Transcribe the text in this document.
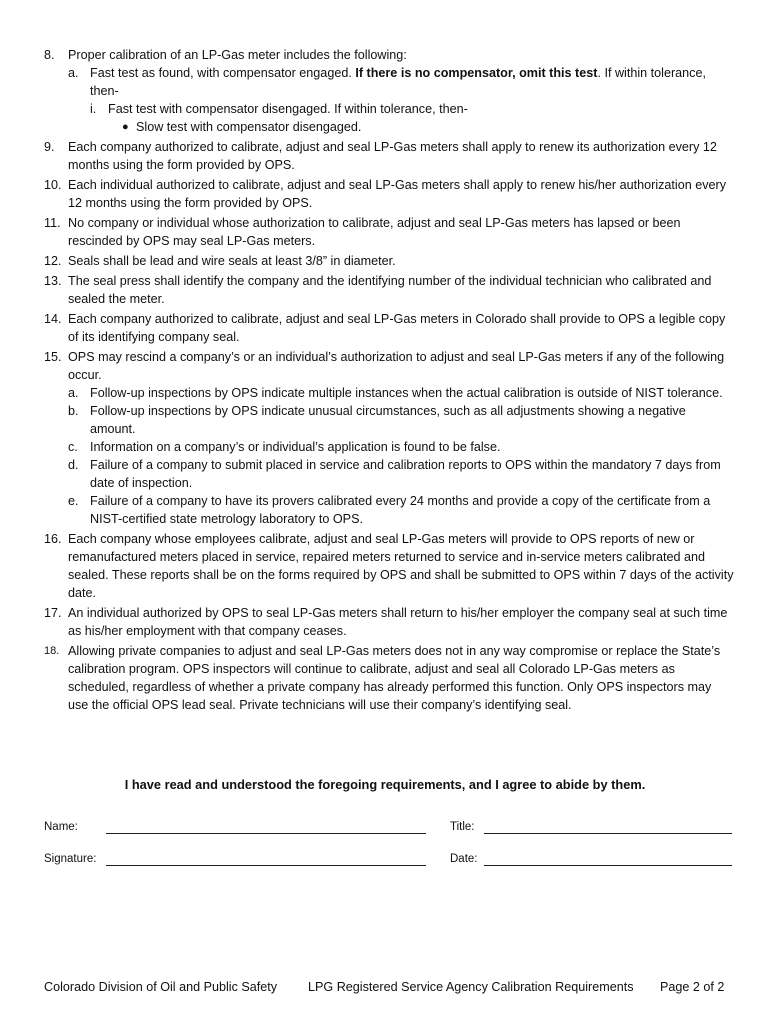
8. Proper calibration of an LP-Gas meter includes the following:
a. Fast test as found, with compensator engaged. If there is no compensator, omit this test. If within tolerance, then-
i. Fast test with compensator disengaged. If within tolerance, then-
● Slow test with compensator disengaged.
9. Each company authorized to calibrate, adjust and seal LP-Gas meters shall apply to renew its authorization every 12 months using the form provided by OPS.
10. Each individual authorized to calibrate, adjust and seal LP-Gas meters shall apply to renew his/her authorization every 12 months using the form provided by OPS.
11. No company or individual whose authorization to calibrate, adjust and seal LP-Gas meters has lapsed or been rescinded by OPS may seal LP-Gas meters.
12. Seals shall be lead and wire seals at least 3/8” in diameter.
13. The seal press shall identify the company and the identifying number of the individual technician who calibrated and sealed the meter.
14. Each company authorized to calibrate, adjust and seal LP-Gas meters in Colorado shall provide to OPS a legible copy of its identifying company seal.
15. OPS may rescind a company’s or an individual’s authorization to adjust and seal LP-Gas meters if any of the following occur.
a. Follow-up inspections by OPS indicate multiple instances when the actual calibration is outside of NIST tolerance.
b. Follow-up inspections by OPS indicate unusual circumstances, such as all adjustments showing a negative amount.
c. Information on a company’s or individual’s application is found to be false.
d. Failure of a company to submit placed in service and calibration reports to OPS within the mandatory 7 days from date of inspection.
e. Failure of a company to have its provers calibrated every 24 months and provide a copy of the certificate from a NIST-certified state metrology laboratory to OPS.
16. Each company whose employees calibrate, adjust and seal LP-Gas meters will provide to OPS reports of new or remanufactured meters placed in service, repaired meters returned to service and in-service meters calibrated and sealed. These reports shall be on the forms required by OPS and shall be submitted to OPS within 7 days of the activity date.
17. An individual authorized by OPS to seal LP-Gas meters shall return to his/her employer the company seal at such time as his/her employment with that company ceases.
18. Allowing private companies to adjust and seal LP-Gas meters does not in any way compromise or replace the State’s calibration program. OPS inspectors will continue to calibrate, adjust and seal all Colorado LP-Gas meters as scheduled, regardless of whether a private company has already performed this function. Only OPS inspectors may use the official OPS lead seal. Private technicians will use their company’s identifying seal.
I have read and understood the foregoing requirements, and I agree to abide by them.
Name:	Title:
Signature:	Date:
Colorado Division of Oil and Public Safety LPG Registered Service Agency Calibration Requirements Page 2 of 2
